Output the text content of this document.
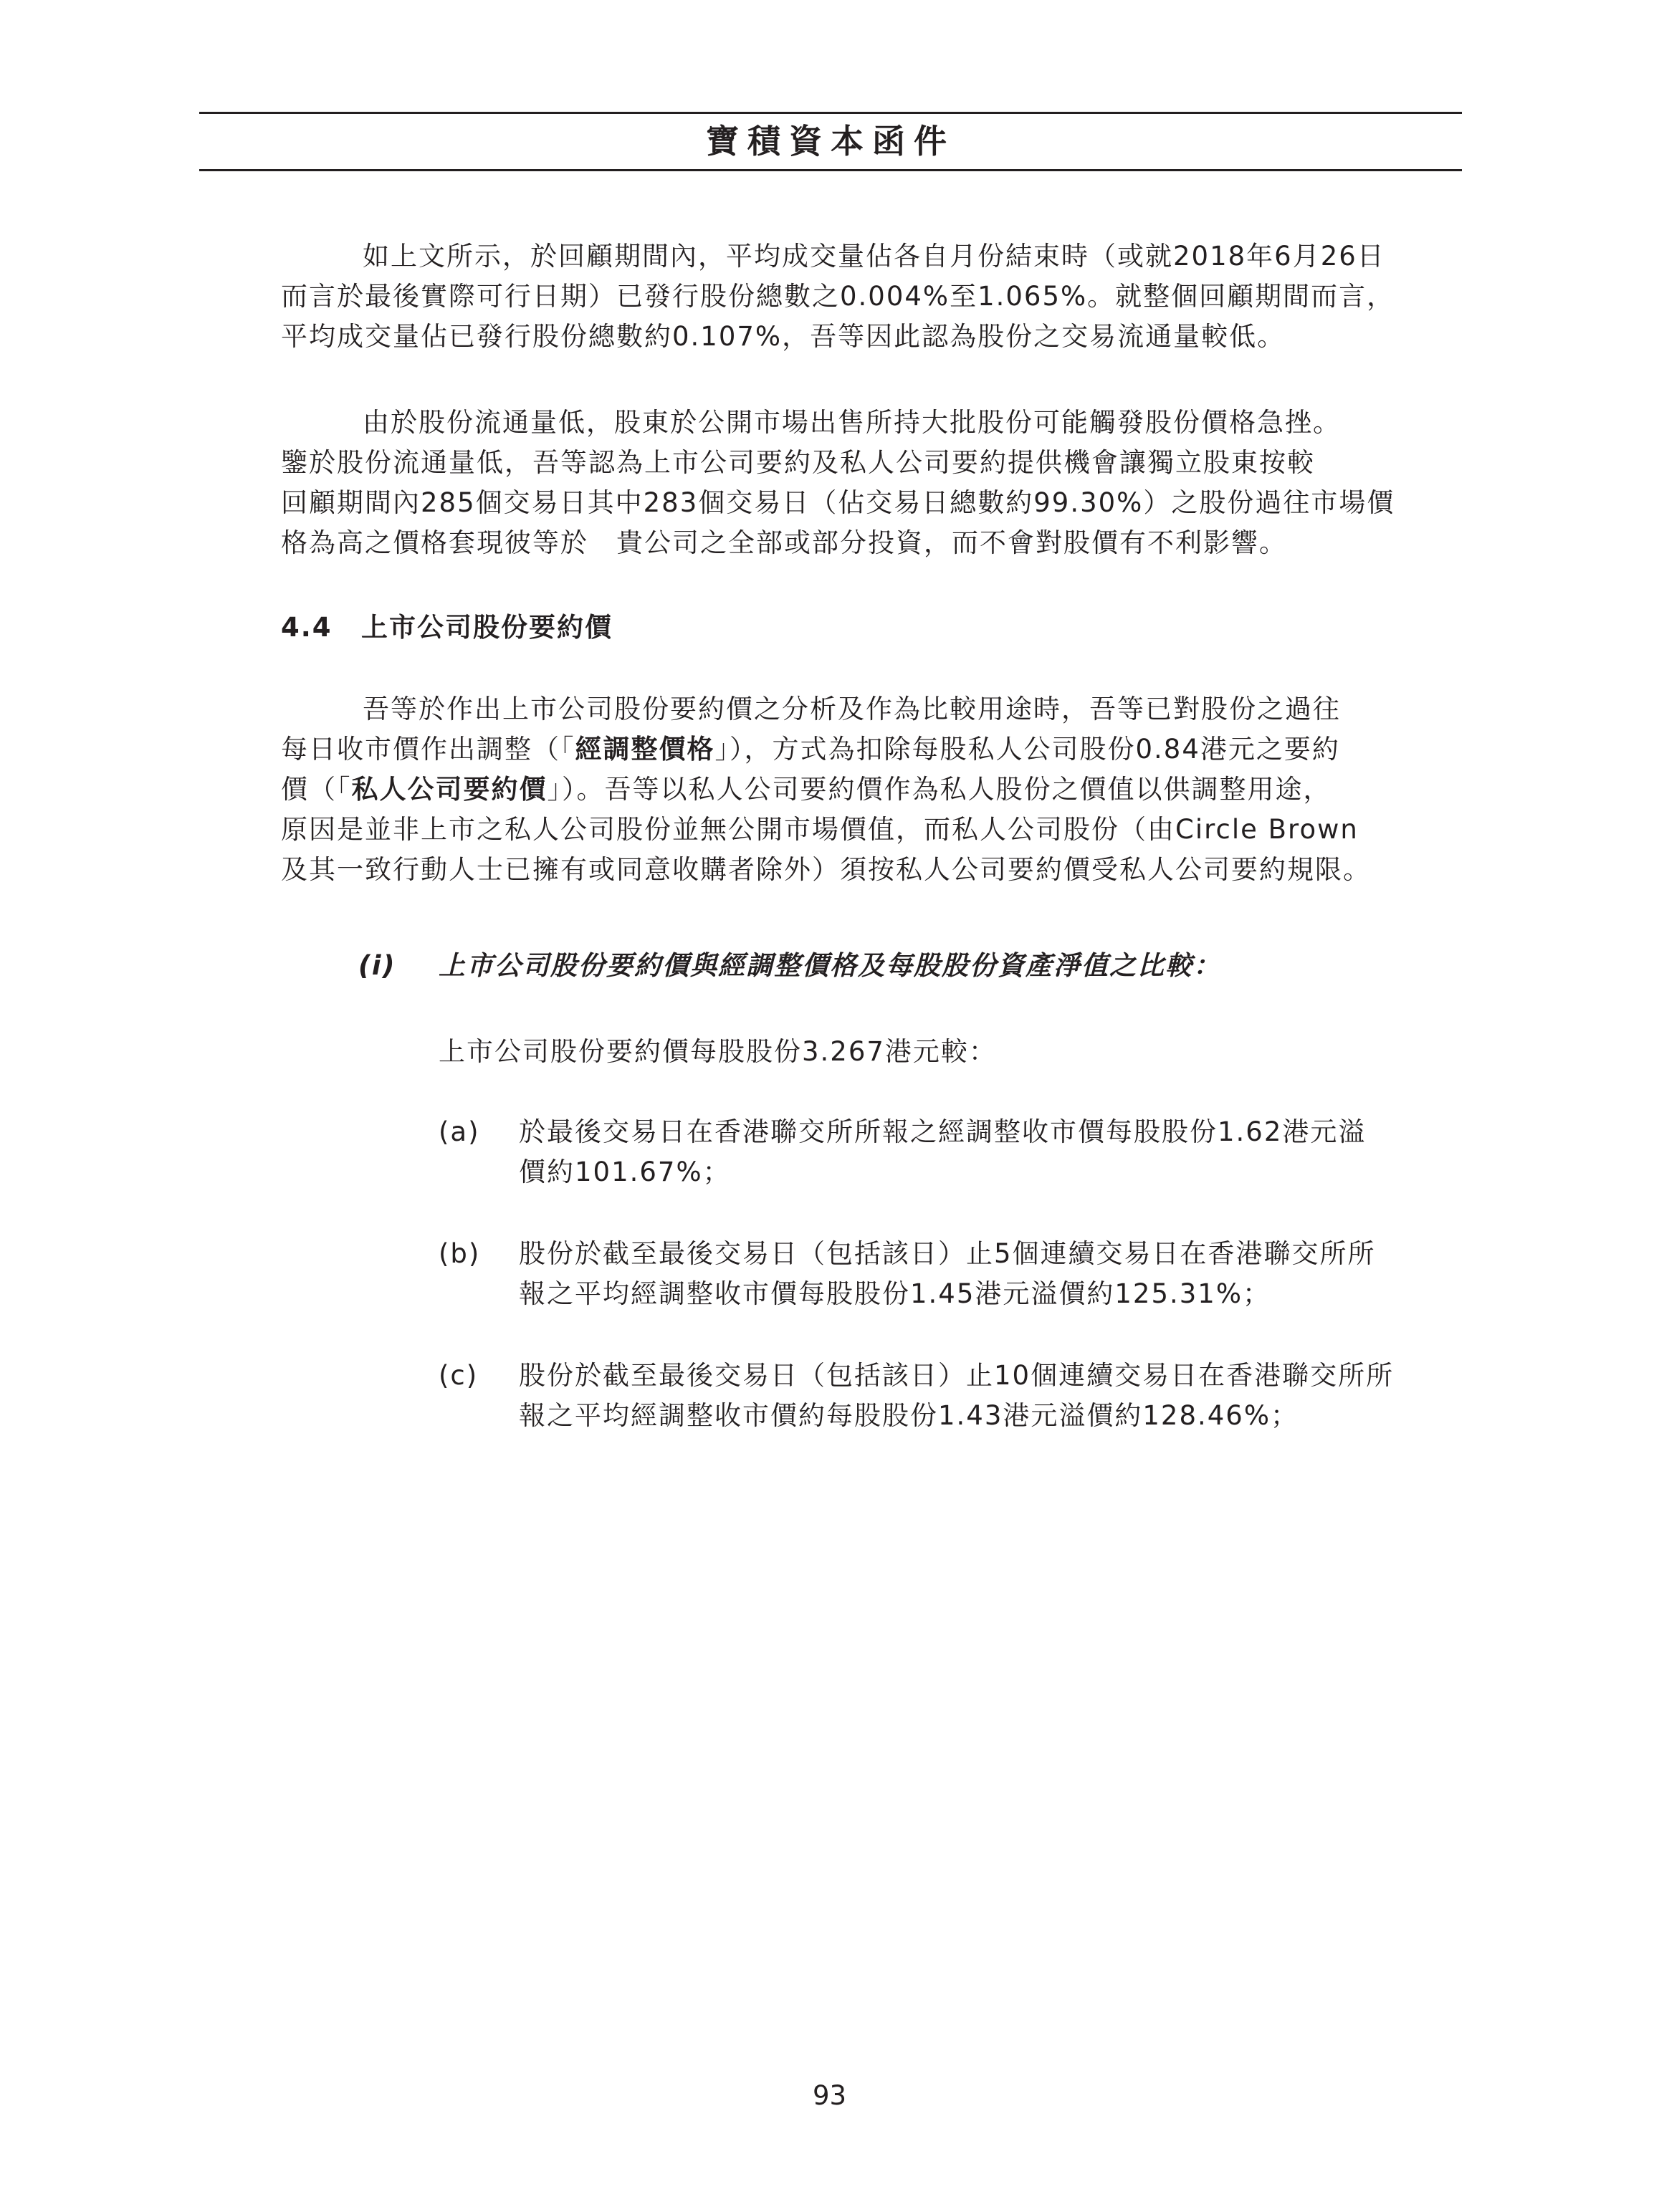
寶積資本函件
如上文所示，於回顧期間內，平均成交量佔各自月份結束時（或就2018年6月26日
而言於最後實際可行日期）已發行股份總數之0.004%至1.065%。就整個回顧期間而言，
平均成交量佔已發行股份總數約0.107%，吾等因此認為股份之交易流通量較低。
由於股份流通量低，股東於公開市場出售所持大批股份可能觸發股份價格急挫。
鑒於股份流通量低，吾等認為上市公司要約及私人公司要約提供機會讓獨立股東按較
回顧期間內285個交易日其中283個交易日（佔交易日總數約99.30%）之股份過往市場價
格為高之價格套現彼等於　貴公司之全部或部分投資，而不會對股價有不利影響。
4.4 上市公司股份要約價
吾等於作出上市公司股份要約價之分析及作為比較用途時，吾等已對股份之過往
每日收市價作出調整（「經調整價格」），方式為扣除每股私人公司股份0.84港元之要約
價（「私人公司要約價」）。吾等以私人公司要約價作為私人股份之價值以供調整用途，
原因是並非上市之私人公司股份並無公開市場價值，而私人公司股份（由Circle Brown
及其一致行動人士已擁有或同意收購者除外）須按私人公司要約價受私人公司要約規限。
(i) 上市公司股份要約價與經調整價格及每股股份資產淨值之比較：
上市公司股份要約價每股股份3.267港元較：
(a) 於最後交易日在香港聯交所所報之經調整收市價每股股份1.62港元溢
價約101.67%；
(b) 股份於截至最後交易日（包括該日）止5個連續交易日在香港聯交所所
報之平均經調整收市價每股股份1.45港元溢價約125.31%；
(c) 股份於截至最後交易日（包括該日）止10個連續交易日在香港聯交所所
報之平均經調整收市價約每股股份1.43港元溢價約128.46%；
93
